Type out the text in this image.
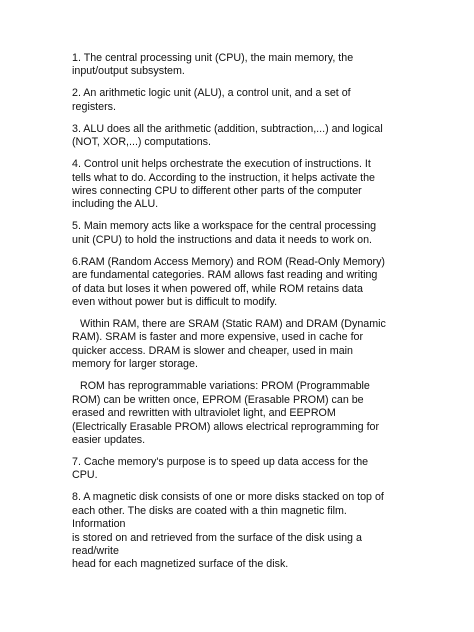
1. The central processing unit (CPU), the main memory, the
input/output subsystem.
2. An arithmetic logic unit (ALU), a control unit, and a set of
registers.
3. ALU does all the arithmetic (addition, subtraction,...) and logical
(NOT, XOR,...) computations.
4. Control unit helps orchestrate the execution of instructions. It
tells what to do. According to the instruction, it helps activate the
wires connecting CPU to different other parts of the computer
including the ALU.
5. Main memory acts like a workspace for the central processing
unit (CPU) to hold the instructions and data it needs to work on.
6.RAM (Random Access Memory) and ROM (Read-Only Memory)
are fundamental categories. RAM allows fast reading and writing
of data but loses it when powered off, while ROM retains data
even without power but is difficult to modify.
Within RAM, there are SRAM (Static RAM) and DRAM (Dynamic
RAM). SRAM is faster and more expensive, used in cache for
quicker access. DRAM is slower and cheaper, used in main
memory for larger storage.
ROM has reprogrammable variations: PROM (Programmable
ROM) can be written once, EPROM (Erasable PROM) can be
erased and rewritten with ultraviolet light, and EEPROM
(Electrically Erasable PROM) allows electrical reprogramming for
easier updates.
7. Cache memory's purpose is to speed up data access for the
CPU.
8. A magnetic disk consists of one or more disks stacked on top of
each other. The disks are coated with a thin magnetic film.
Information
is stored on and retrieved from the surface of the disk using a
read/write
head for each magnetized surface of the disk.
